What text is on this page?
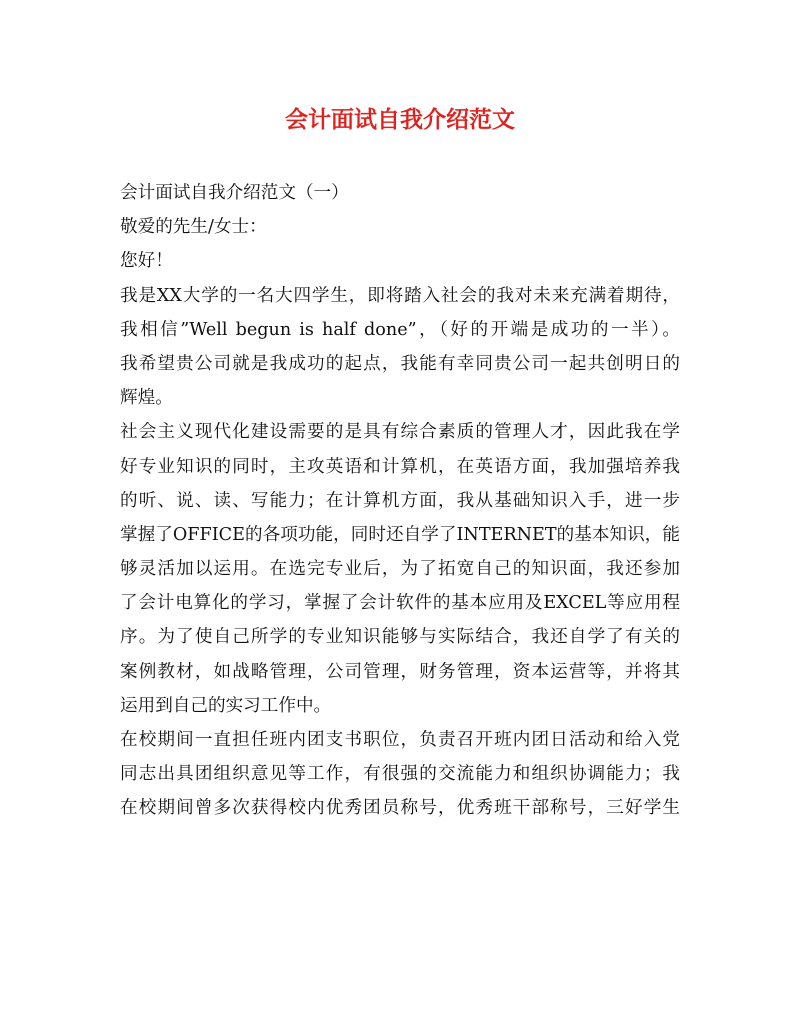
会计面试自我介绍范文
会计面试自我介绍范文（一）
敬爱的先生/女士：
您好！
我是XX大学的一名大四学生，即将踏入社会的我对未来充满着期待，
我相信”Well begun is half done”，（好的开端是成功的一半）。
我希望贵公司就是我成功的起点，我能有幸同贵公司一起共创明日的
辉煌。
社会主义现代化建设需要的是具有综合素质的管理人才，因此我在学
好专业知识的同时，主攻英语和计算机，在英语方面，我加强培养我
的听、说、读、写能力；在计算机方面，我从基础知识入手，进一步
掌握了OFFICE的各项功能，同时还自学了INTERNET的基本知识，能
够灵活加以运用。在选完专业后，为了拓宽自己的知识面，我还参加
了会计电算化的学习，掌握了会计软件的基本应用及EXCEL等应用程
序。为了使自己所学的专业知识能够与实际结合，我还自学了有关的
案例教材，如战略管理，公司管理，财务管理，资本运营等，并将其
运用到自己的实习工作中。
在校期间一直担任班内团支书职位，负责召开班内团日活动和给入党
同志出具团组织意见等工作，有很强的交流能力和组织协调能力；我
在校期间曾多次获得校内优秀团员称号，优秀班干部称号，三好学生
